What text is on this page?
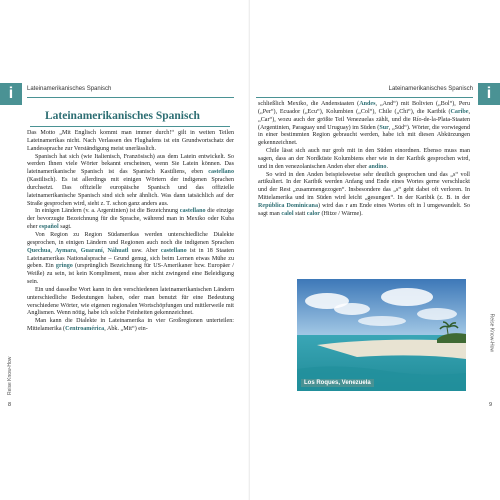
i	Lateinamerikanisches Spanisch
Lateinamerikanisches Spanisch

Das Motto „Mit Englisch kommt man immer durch!“ gilt in weiten Teilen Lateinamerikas nicht. Nach Verlassen des Flughafens ist ein Grundwortschatz der Landessprache zur Verständigung meist unerlässlich.

Spanisch hat sich (wie Italienisch, Französisch) aus dem Latein entwickelt. So werden Ihnen viele Wörter bekannt erscheinen, wenn Sie Latein können. Das lateinamerikanische Spanisch ist das Spanisch Kastiliens, eben castellano (Kastilisch). Es ist allerdings mit einigen Wörtern der indigenen Sprachen durchsetzt. Das offizielle europäische Spanisch und das offizielle lateinamerikanische Spanisch sind sich sehr ähnlich. Was dann tatsächlich auf der Straße gesprochen wird, sieht z. T. schon ganz anders aus.

In einigen Ländern (v. a. Argentinien) ist die Bezeichnung castellano die einzige der bevorzugte Bezeichnung für die Sprache, während man in Mexiko oder Kuba eher español sagt.

Von Region zu Region Südamerikas werden unterschiedliche Dialekte gesprochen, in einigen Ländern und Regionen auch noch die indigenen Sprachen Quechua, Aymara, Guaraní, Náhuatl usw. Aber castellano ist in 18 Staaten Lateinamerikas Nationalsprache – Grund genug, sich beim Lernen etwas Mühe zu geben. Ein gringo (ursprünglich Bezeichnung für US-Amerikaner bzw. Europäer / Weiße) zu sein, ist kein Kompliment, muss aber nicht zwingend eine Beleidigung sein.

Ein und dasselbe Wort kann in den verschiedenen lateinamerikanischen Ländern unterschiedliche Bedeutungen haben, oder man benutzt für eine Bedeutung verschiedene Wörter, wie eigenen regionalen Wortschöpfungen und mittlerweile mit Anglismen. Wenn nötig, habe ich solche Feinheiten gekennzeichnet.

Man kann die Dialekte in Lateinamerika in vier Großregionen unterteilen: Mittelamerika (Centroamérica, Abk. „Mit“) ein-

Reise Know-How
8
i
Lateinamerikanisches Spanisch

schließlich Mexiko, die Andenstaaten (Andes, „And“) mit Bolivien („Bol“), Peru („Per“), Ecuador („Ecu“), Kolumbien („Col“), Chile („Chi“), die Karibik (Caribe, „Car“), wozu auch der größte Teil Venezuelas zählt, und die Río-de-la-Plata-Staaten (Argentinien, Paraguay und Uruguay) im Süden (Sur, „Süd“). Wörter, die vorwiegend in einer bestimmten Region gebraucht werden, habe ich mit diesen Abkürzungen gekennzeichnet.

Chile lässt sich auch nur grob mit in den Süden einordnen. Ebenso muss man sagen, dass an der Nordküste Kolumbiens eher wie in der Karibik gesprochen wird, und in den venezolanischen Anden eher eher andino.

So wird in den Anden beispielsweise sehr deutlich gesprochen und das „s“ voll artikuliert. In der Karibik werden Anfang und Ende eines Wortes gerne verschluckt und der Rest „zusammengezogen“. Insbesondere das „s“ geht dabei oft verloren. In Mittelamerika und im Süden wird leicht „gesungen“. In der Karibik (z. B. in der República Dominicana) wird das r am Ende eines Wortes oft in l umgewandelt. So sagt man calol statt calor (Hitze / Wärme).

Los Roques, Venezuela
Reise Know-How
9
